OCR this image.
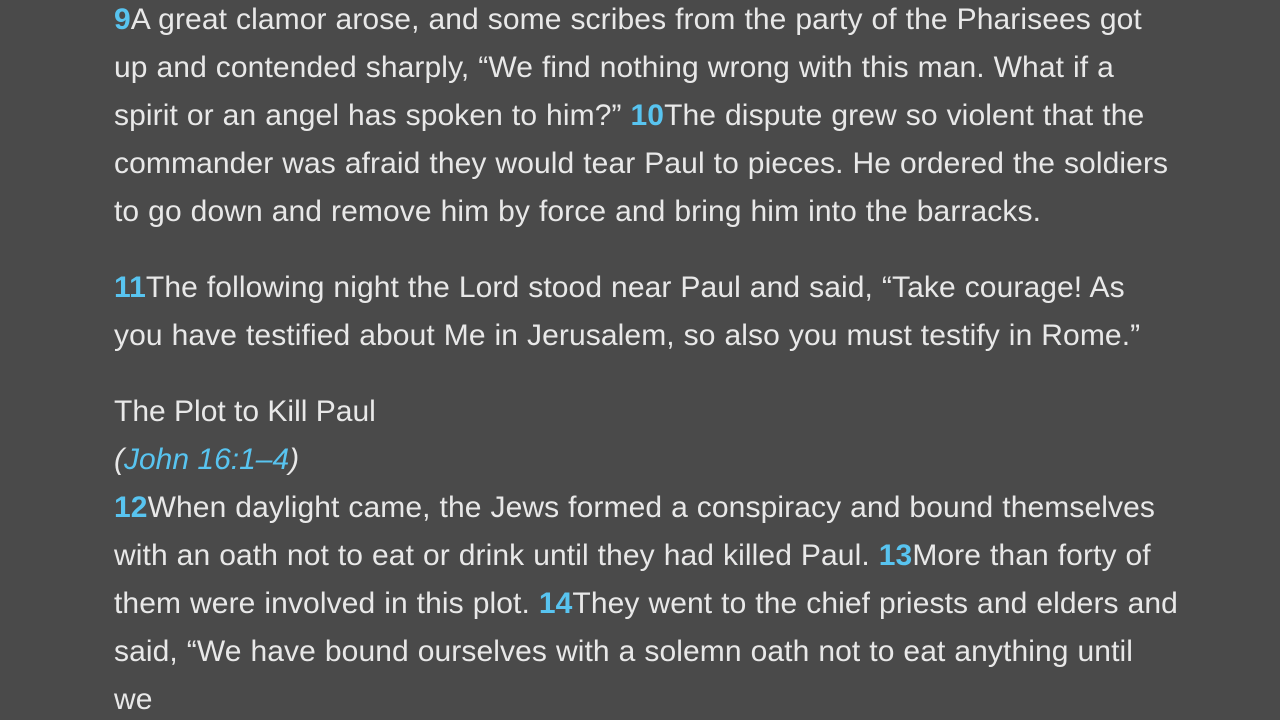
9A great clamor arose, and some scribes from the party of the Pharisees got up and contended sharply, “We find nothing wrong with this man. What if a spirit or an angel has spoken to him?” 10The dispute grew so violent that the commander was afraid they would tear Paul to pieces. He ordered the soldiers to go down and remove him by force and bring him into the barracks.

11The following night the Lord stood near Paul and said, “Take courage! As you have testified about Me in Jerusalem, so also you must testify in Rome.”

The Plot to Kill Paul
(John 16:1–4)

12When daylight came, the Jews formed a conspiracy and bound themselves with an oath not to eat or drink until they had killed Paul. 13More than forty of them were involved in this plot. 14They went to the chief priests and elders and said, “We have bound ourselves with a solemn oath not to eat anything until we
